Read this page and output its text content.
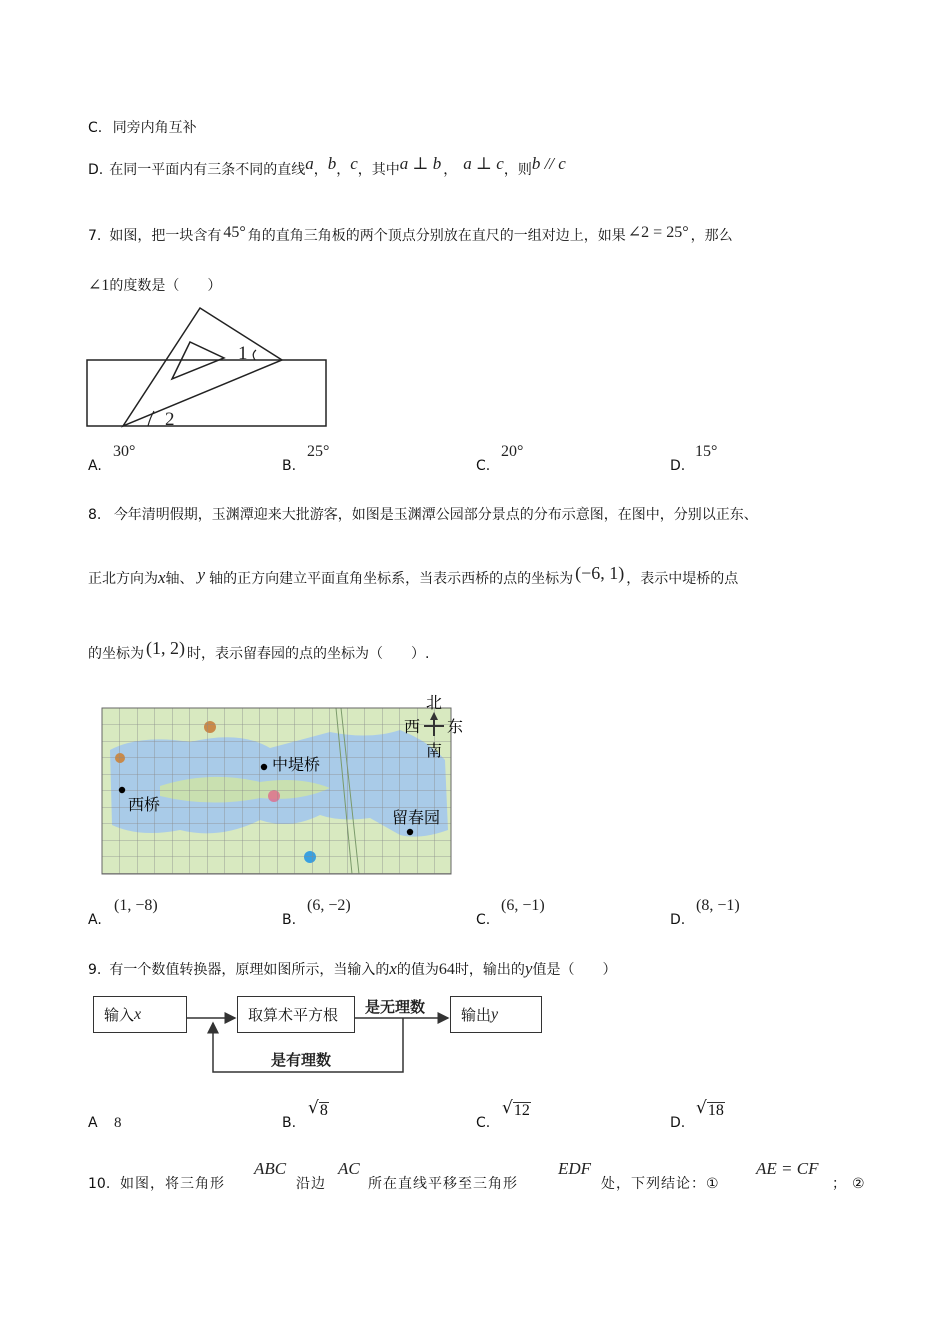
C. 同旁内角互补
D. 在同一平面内有三条不同的直线 a ， b ， c ，其中 a ⊥ b ， a ⊥ c ，则 b // c
7. 如图，把一块含有 45° 角的直角三角板的两个顶点分别放在直尺的一组对边上，如果 ∠2 = 25° ，那么
∠1 的度数是（　　）
1
2
A.
30°
B.
25°
C.
20°
D.
15°
8. 今年清明假期，玉渊潭迎来大批游客，如图是玉渊潭公园部分景点的分布示意图，在图中，分别以正东、
正北方向为 x 轴、 y 轴的正方向建立平面直角坐标系，当表示西桥的点的坐标为 (−6, 1) ，表示中堤桥的点
的坐标为 (1, 2) 时，表示留春园的点的坐标为（　　）.
西桥
中堤桥
留春园
北
西 东
南
A.
(1, −8)
B.
(6, −2)
C.
(6, −1)
D.
(8, −1)
9. 有一个数值转换器，原理如图所示，当输入的 x 的值为 64 时，输出的 y 值是（　　）
输入 x	取算术平方根	输出 y
是无理数
是有理数
A 8	B.
√ 8
C.
√ 12
D.
√ 18
10. 如图，将三角形
ABC
沿边
AC
所在直线平移至三角形
EDF
处，下列结论：①
AE = CF
；②
